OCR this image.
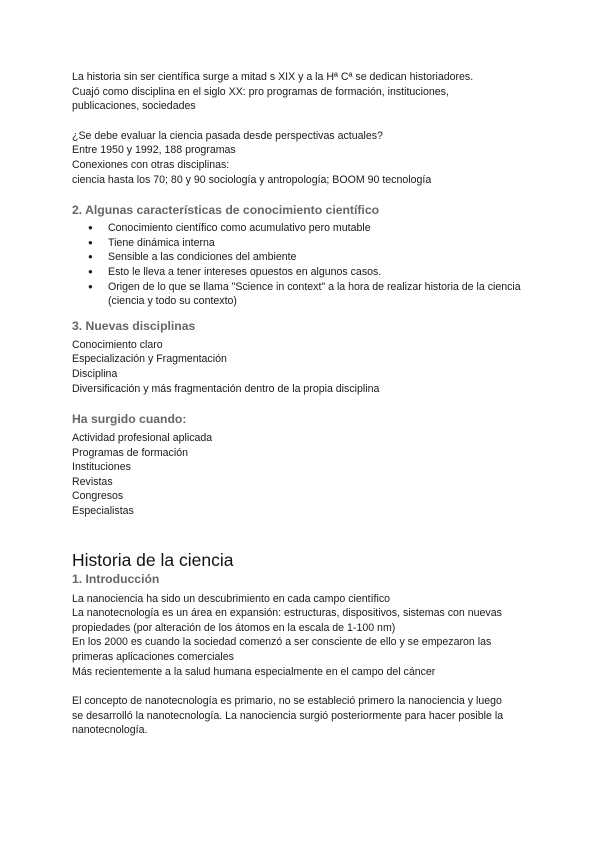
La historia sin ser científica surge a mitad s XIX y a la Hª Cª se dedican historiadores.

Cuajó como disciplina en el siglo XX: pro programas de formación, instituciones,

publicaciones, sociedades

¿Se debe evaluar la ciencia pasada desde perspectivas actuales?

Entre 1950 y 1992, 188 programas

Conexiones con otras disciplinas:

ciencia hasta los 70; 80 y 90 sociología y antropología; BOOM 90 tecnología

2. Algunas características de conocimiento científico
● Conocimiento científico como acumulativo pero mutable
● Tiene dinámica interna
● Sensible a las condiciones del ambiente
● Esto le lleva a tener intereses opuestos en algunos casos.
● Origen de lo que se llama "Science in context" a la hora de realizar historia de la ciencia (ciencia y todo su contexto)
3. Nuevas disciplinas

Conocimiento claro

Especialización y Fragmentación

Disciplina

Diversificación y más fragmentación dentro de la propia disciplina

Ha surgido cuando:

Actividad profesional aplicada

Programas de formación

Instituciones

Revistas

Congresos

Especialistas

Historia de la ciencia
1. Introducción

La nanociencia ha sido un descubrimiento en cada campo científico

La nanotecnología es un área en expansión: estructuras, dispositivos, sistemas con nuevas

propiedades (por alteración de los átomos en la escala de 1-100 nm)

En los 2000 es cuando la sociedad comenzó a ser consciente de ello y se empezaron las

primeras aplicaciones comerciales

Más recientemente a la salud humana especialmente en el campo del cáncer

El concepto de nanotecnología es primario, no se estableció primero la nanociencia y luego

se desarrolló la nanotecnología. La nanociencia surgió posteriormente para hacer posible la

nanotecnología.
